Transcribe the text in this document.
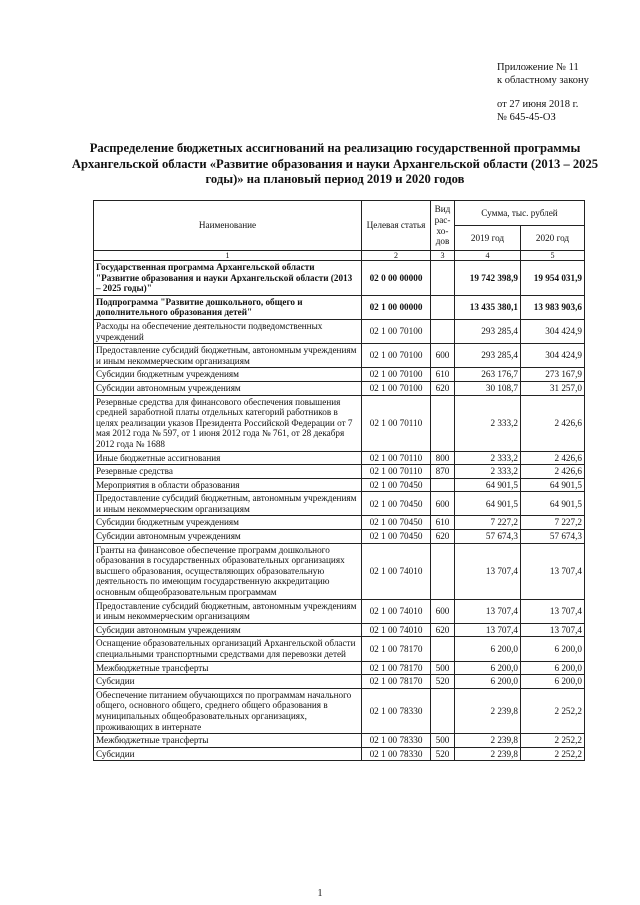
Приложение № 11
к областному закону
от 27 июня 2018 г.
№ 645-45-ОЗ
Распределение бюджетных ассигнований на реализацию государственной программы Архангельской области «Развитие образования и науки Архангельской области (2013 – 2025 годы)» на плановый период 2019 и 2020 годов
Наименование	Целевая статья	Вид рас-хо-дов	Сумма, тыс. рублей	
			2019 год	2020 год
1	2	3	4	5
Государственная программа Архангельской области "Развитие образования и науки Архангельской области (2013 – 2025 годы)"	02 0 00 00000		19 742 398,9	19 954 031,9
Подпрограмма "Развитие дошкольного, общего и дополнительного образования детей"	02 1 00 00000		13 435 380,1	13 983 903,6
Расходы на обеспечение деятельности подведомственных учреждений	02 1 00 70100		293 285,4	304 424,9
Предоставление субсидий бюджетным, автономным учреждениям и иным некоммерческим организациям	02 1 00 70100	600	293 285,4	304 424,9
Субсидии бюджетным учреждениям	02 1 00 70100	610	263 176,7	273 167,9
Субсидии автономным учреждениям	02 1 00 70100	620	30 108,7	31 257,0
Резервные средства для финансового обеспечения повышения средней заработной платы отдельных категорий работников в целях реализации указов Президента Российской Федерации от 7 мая 2012 года № 597, от 1 июня 2012 года № 761, от 28 декабря 2012 года № 1688	02 1 00 70110		2 333,2	2 426,6
Иные бюджетные ассигнования	02 1 00 70110	800	2 333,2	2 426,6
Резервные средства	02 1 00 70110	870	2 333,2	2 426,6
Мероприятия в области образования	02 1 00 70450		64 901,5	64 901,5
Предоставление субсидий бюджетным, автономным учреждениям и иным некоммерческим организациям	02 1 00 70450	600	64 901,5	64 901,5
Субсидии бюджетным учреждениям	02 1 00 70450	610	7 227,2	7 227,2
Субсидии автономным учреждениям	02 1 00 70450	620	57 674,3	57 674,3
Гранты на финансовое обеспечение программ дошкольного образования в государственных образовательных организациях высшего образования, осуществляющих образовательную деятельность по имеющим государственную аккредитацию основным общеобразовательным программам	02 1 00 74010		13 707,4	13 707,4
Предоставление субсидий бюджетным, автономным учреждениям и иным некоммерческим организациям	02 1 00 74010	600	13 707,4	13 707,4
Субсидии автономным учреждениям	02 1 00 74010	620	13 707,4	13 707,4
Оснащение образовательных организаций Архангельской области специальными транспортными средствами для перевозки детей	02 1 00 78170		6 200,0	6 200,0
Межбюджетные трансферты	02 1 00 78170	500	6 200,0	6 200,0
Субсидии	02 1 00 78170	520	6 200,0	6 200,0
Обеспечение питанием обучающихся по программам начального общего, основного общего, среднего общего образования в муниципальных общеобразовательных организациях, проживающих в интернате	02 1 00 78330		2 239,8	2 252,2
Межбюджетные трансферты	02 1 00 78330	500	2 239,8	2 252,2
Субсидии	02 1 00 78330	520	2 239,8	2 252,2
1
